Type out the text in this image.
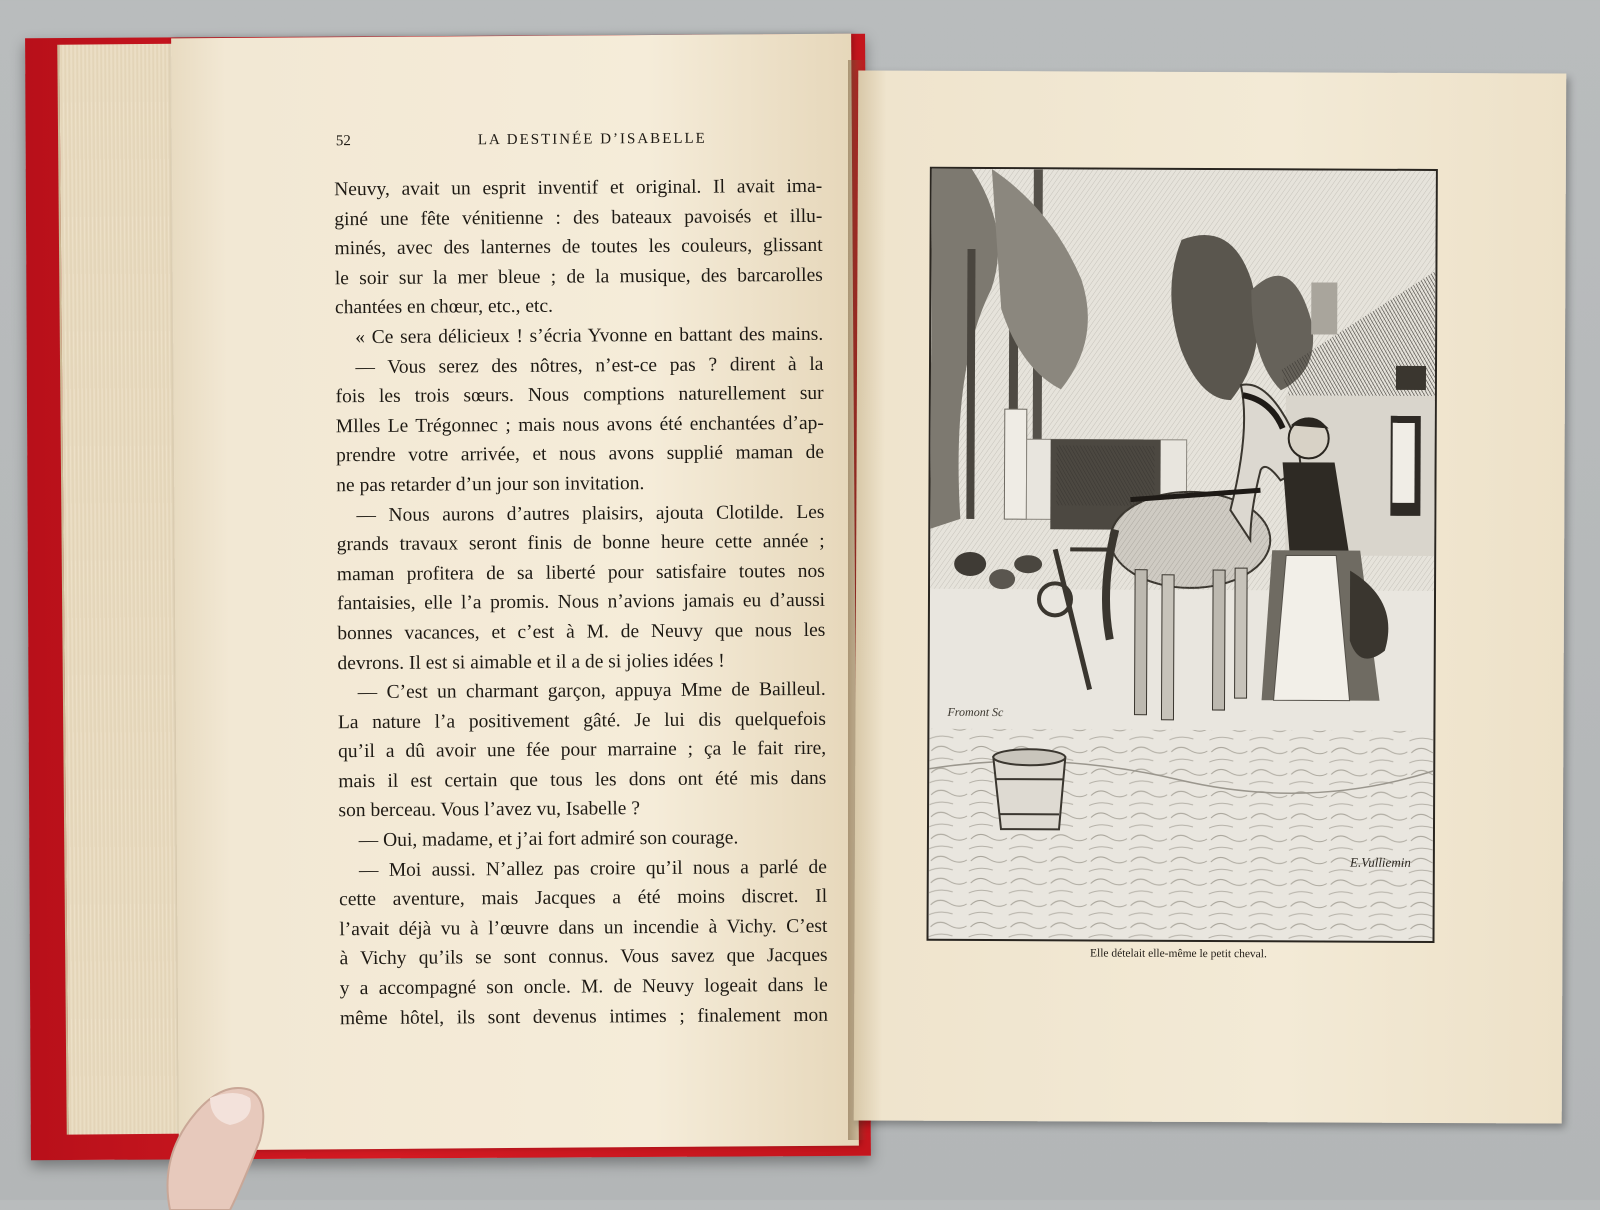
52	LA DESTINÉE D’ISABELLE

Neuvy, avait un esprit inventif et original. Il avait ima-

giné une fête vénitienne : des bateaux pavoisés et illu-

minés, avec des lanternes de toutes les couleurs, glissant

le soir sur la mer bleue ; de la musique, des barcarolles

chantées en chœur, etc., etc.

« Ce sera délicieux ! s’écria Yvonne en battant des mains.

— Vous serez des nôtres, n’est-ce pas ? dirent à la

fois les trois sœurs. Nous comptions naturellement sur

Mlles Le Trégonnec ; mais nous avons été enchantées d’ap-

prendre votre arrivée, et nous avons supplié maman de

ne pas retarder d’un jour son invitation.

— Nous aurons d’autres plaisirs, ajouta Clotilde. Les

grands travaux seront finis de bonne heure cette année ;

maman profitera de sa liberté pour satisfaire toutes nos

fantaisies, elle l’a promis. Nous n’avions jamais eu d’aussi

bonnes vacances, et c’est à M. de Neuvy que nous les

devrons. Il est si aimable et il a de si jolies idées !

— C’est un charmant garçon, appuya Mme de Bailleul.

La nature l’a positivement gâté. Je lui dis quelquefois

qu’il a dû avoir une fée pour marraine ; ça le fait rire,

mais il est certain que tous les dons ont été mis dans

son berceau. Vous l’avez vu, Isabelle ?

— Oui, madame, et j’ai fort admiré son courage.

— Moi aussi. N’allez pas croire qu’il nous a parlé de

cette aventure, mais Jacques a été moins discret. Il

l’avait déjà vu à l’œuvre dans un incendie à Vichy. C’est

à Vichy qu’ils se sont connus. Vous savez que Jacques

y a accompagné son oncle. M. de Neuvy logeait dans le

même hôtel, ils sont devenus intimes ; finalement mon

Fromont Sc
E.Vulliemin
Elle dételait elle-même le petit cheval.
